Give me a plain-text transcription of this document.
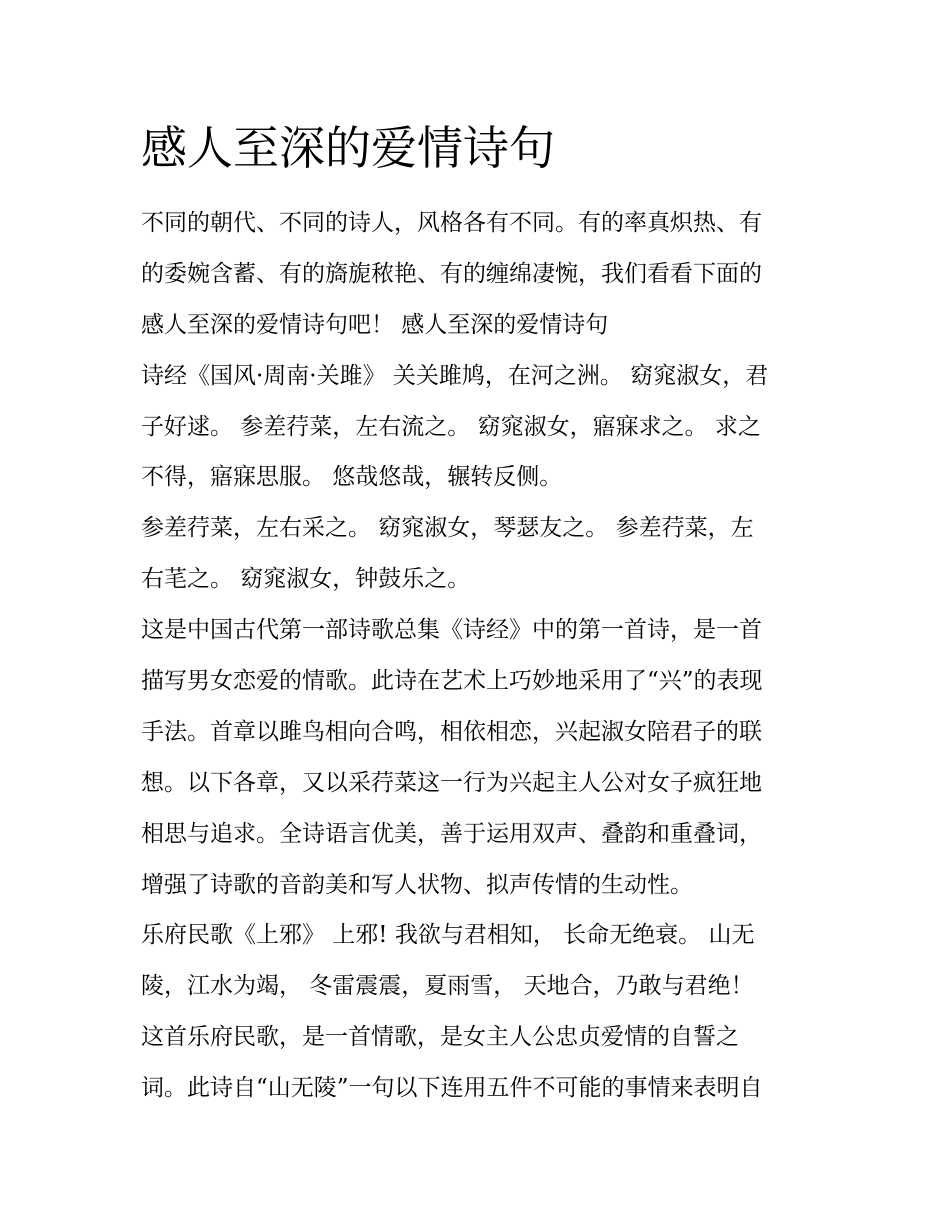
感人至深的爱情诗句

不同的朝代、不同的诗人，风格各有不同。有的率真炽热、有
的委婉含蓄、有的旖旎秾艳、有的缠绵凄惋，我们看看下面的
感人至深的爱情诗句吧！ 感人至深的爱情诗句

诗经《国风·周南·关雎》 关关雎鸠，在河之洲。 窈窕淑女，君
子好逑。 参差荇菜，左右流之。 窈窕淑女，寤寐求之。 求之
不得，寤寐思服。 悠哉悠哉，辗转反侧。

参差荇菜，左右采之。 窈窕淑女，琴瑟友之。 参差荇菜，左
右芼之。 窈窕淑女，钟鼓乐之。

这是中国古代第一部诗歌总集《诗经》中的第一首诗，是一首
描写男女恋爱的情歌。此诗在艺术上巧妙地采用了“兴”的表现
手法。首章以雎鸟相向合鸣，相依相恋，兴起淑女陪君子的联
想。以下各章，又以采荇菜这一行为兴起主人公对女子疯狂地
相思与追求。全诗语言优美，善于运用双声、叠韵和重叠词，
增强了诗歌的音韵美和写人状物、拟声传情的生动性。

乐府民歌《上邪》 上邪! 我欲与君相知， 长命无绝衰。 山无
陵，江水为竭， 冬雷震震，夏雨雪， 天地合，乃敢与君绝！

这首乐府民歌，是一首情歌，是女主人公忠贞爱情的自誓之
词。此诗自“山无陵”一句以下连用五件不可能的事情来表明自
